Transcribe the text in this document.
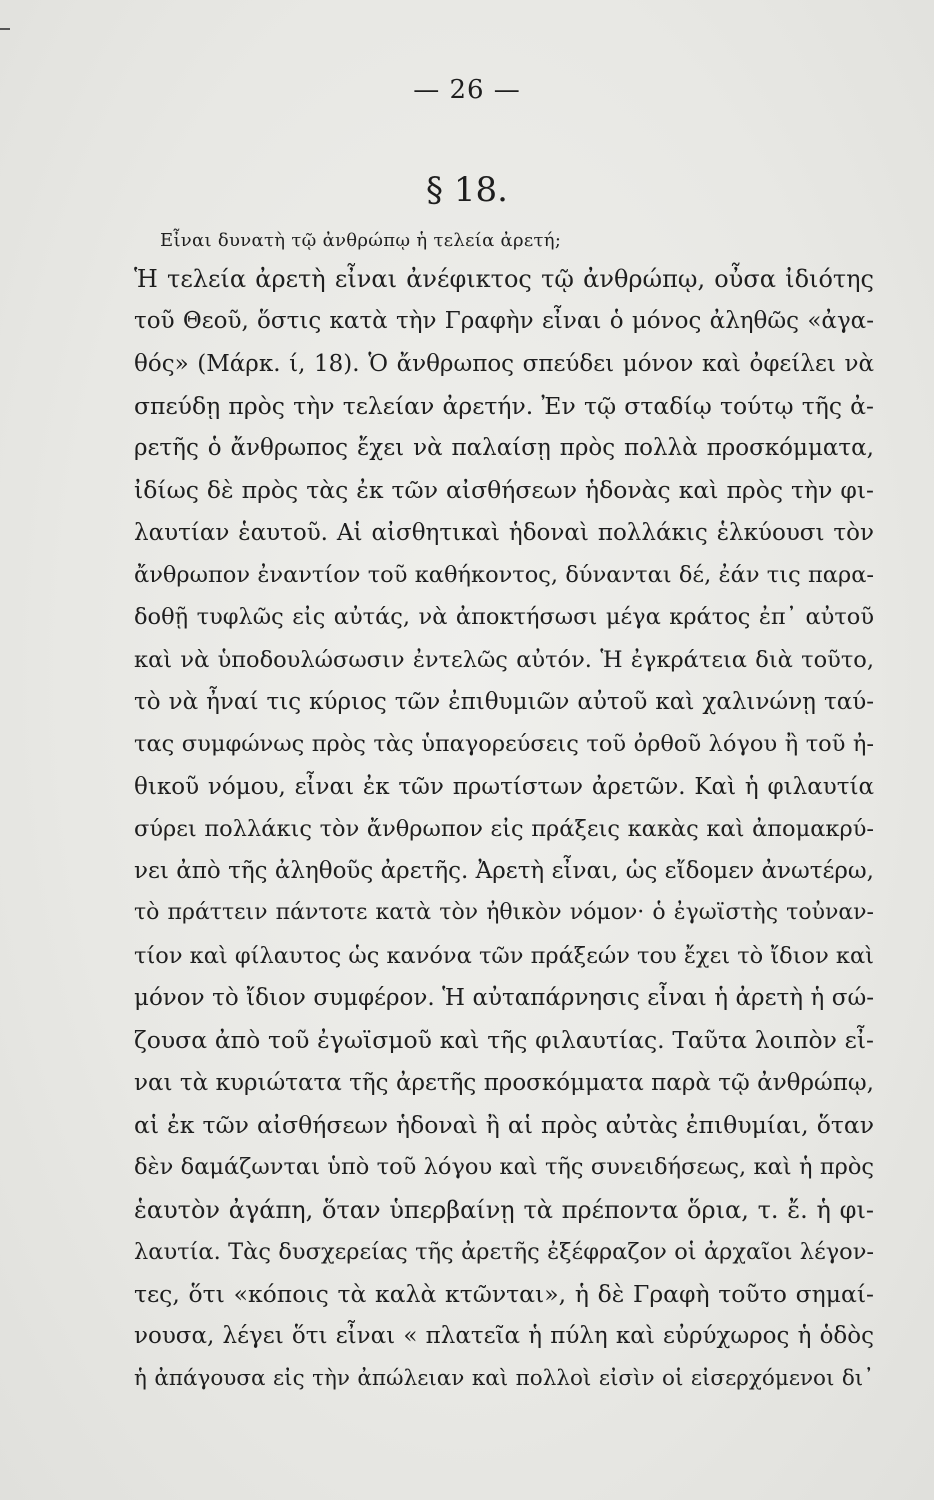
— 26 —
§ 18.
Εἶναι δυνατὴ τῷ ἀνθρώπῳ ἡ τελεία ἀρετή;
Ἡ τελεία ἀρετὴ εἶναι ἀνέφικτος τῷ ἀνθρώπῳ, οὖσα ἰδιότης
τοῦ Θεοῦ, ὅστις κατὰ τὴν Γραφὴν εἶναι ὁ μόνος ἀληθῶς «ἀγα-
θός» (Μάρκ. ί, 18). Ὁ ἄνθρωπος σπεύδει μόνον καὶ ὀφείλει νὰ
σπεύδῃ πρὸς τὴν τελείαν ἀρετήν. Ἐν τῷ σταδίῳ τούτῳ τῆς ἀ-
ρετῆς ὁ ἄνθρωπος ἔχει νὰ παλαίσῃ πρὸς πολλὰ προσκόμματα,
ἰδίως δὲ πρὸς τὰς ἐκ τῶν αἰσθήσεων ἡδονὰς καὶ πρὸς τὴν φι-
λαυτίαν ἑαυτοῦ. Αἱ αἰσθητικαὶ ἡδοναὶ πολλάκις ἑλκύουσι τὸν
ἄνθρωπον ἐναντίον τοῦ καθήκοντος, δύνανται δέ, ἐάν τις παρα-
δοθῇ τυφλῶς εἰς αὐτάς, νὰ ἀποκτήσωσι μέγα κράτος ἐπ᾿ αὐτοῦ
καὶ νὰ ὑποδουλώσωσιν ἐντελῶς αὐτόν. Ἡ ἐγκράτεια διὰ τοῦτο,
τὸ νὰ ἦναί τις κύριος τῶν ἐπιθυμιῶν αὐτοῦ καὶ χαλινώνῃ ταύ-
τας συμφώνως πρὸς τὰς ὑπαγορεύσεις τοῦ ὀρθοῦ λόγου ἢ τοῦ ἠ-
θικοῦ νόμου, εἶναι ἐκ τῶν πρωτίστων ἀρετῶν. Καὶ ἡ φιλαυτία
σύρει πολλάκις τὸν ἄνθρωπον εἰς πράξεις κακὰς καὶ ἀπομακρύ-
νει ἀπὸ τῆς ἀληθοῦς ἀρετῆς. Ἀρετὴ εἶναι, ὡς εἴδομεν ἀνωτέρω,
τὸ πράττειν πάντοτε κατὰ τὸν ἠθικὸν νόμον· ὁ ἐγωϊστὴς τοὐναν-
τίον καὶ φίλαυτος ὡς κανόνα τῶν πράξεών του ἔχει τὸ ἴδιον καὶ
μόνον τὸ ἴδιον συμφέρον. Ἡ αὐταπάρνησις εἶναι ἡ ἀρετὴ ἡ σώ-
ζουσα ἀπὸ τοῦ ἐγωϊσμοῦ καὶ τῆς φιλαυτίας. Ταῦτα λοιπὸν εἶ-
ναι τὰ κυριώτατα τῆς ἀρετῆς προσκόμματα παρὰ τῷ ἀνθρώπῳ,
αἱ ἐκ τῶν αἰσθήσεων ἡδοναὶ ἢ αἱ πρὸς αὐτὰς ἐπιθυμίαι, ὅταν
δὲν δαμάζωνται ὑπὸ τοῦ λόγου καὶ τῆς συνειδήσεως, καὶ ἡ πρὸς
ἑαυτὸν ἀγάπη, ὅταν ὑπερβαίνῃ τὰ πρέποντα ὅρια, τ. ἔ. ἡ φι-
λαυτία. Τὰς δυσχερείας τῆς ἀρετῆς ἐξέφραζον οἱ ἀρχαῖοι λέγον-
τες, ὅτι «κόποις τὰ καλὰ κτῶνται», ἡ δὲ Γραφὴ τοῦτο σημαί-
νουσα, λέγει ὅτι εἶναι « πλατεῖα ἡ πύλη καὶ εὐρύχωρος ἡ ὁδὸς
ἡ ἀπάγουσα εἰς τὴν ἀπώλειαν καὶ πολλοὶ εἰσὶν οἱ εἰσερχόμενοι δι᾿
